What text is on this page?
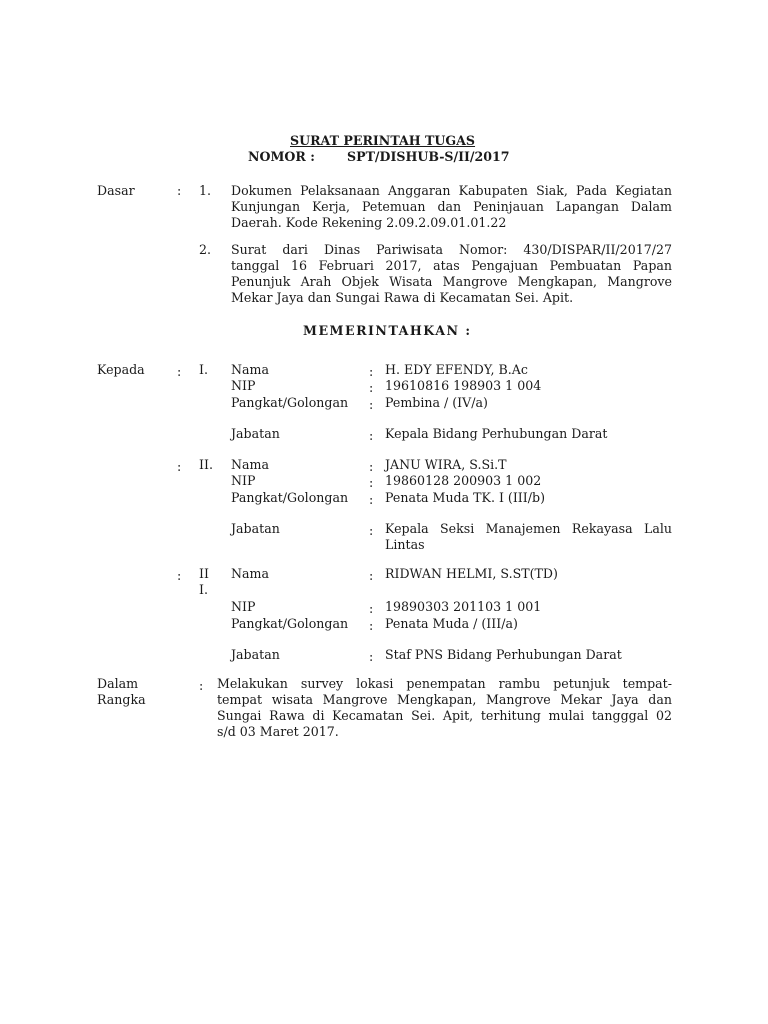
SURAT PERINTAH TUGAS
NOMOR :	SPT/DISHUB-S/II/2017
Dasar	: 1. Dokumen Pelaksanaan Anggaran Kabupaten Siak, Pada Kegiatan
Kunjungan Kerja, Petemuan dan Peninjauan Lapangan Dalam
Daerah. Kode Rekening 2.09.2.09.01.01.22
2. Surat dari Dinas Pariwisata Nomor: 430/DISPAR/II/2017/27
tanggal 16 Februari 2017, atas Pengajuan Pembuatan Papan
Penunjuk Arah Objek Wisata Mangrove Mengkapan, Mangrove
Mekar Jaya dan Sungai Rawa di Kecamatan Sei. Apit.
MEMERINTAHKAN :
Kepada	: I. Nama	: H. EDY EFENDY, B.Ac
NIP	: 19610816 198903 1 004
Pangkat/Golongan : Pembina / (IV/a)
Jabatan	: Kepala Bidang Perhubungan Darat
: II. Nama	: JANU WIRA, S.Si.T
NIP	: 19860128 200903 1 002
Pangkat/Golongan : Penata Muda TK. I (III/b)
Jabatan	: Kepala Seksi Manajemen Rekayasa Lalu
Lintas
: III.
Nama	: RIDWAN HELMI, S.ST(TD)
NIP	: 19890303 201103 1 001
Pangkat/Golongan : Penata Muda / (III/a)
Jabatan	: Staf PNS Bidang Perhubungan Darat
Dalam
Rangka
: Melakukan survey lokasi penempatan rambu petunjuk tempat-
tempat wisata Mangrove Mengkapan, Mangrove Mekar Jaya dan
Sungai Rawa di Kecamatan Sei. Apit, terhitung mulai tangggal 02
s/d 03 Maret 2017.
